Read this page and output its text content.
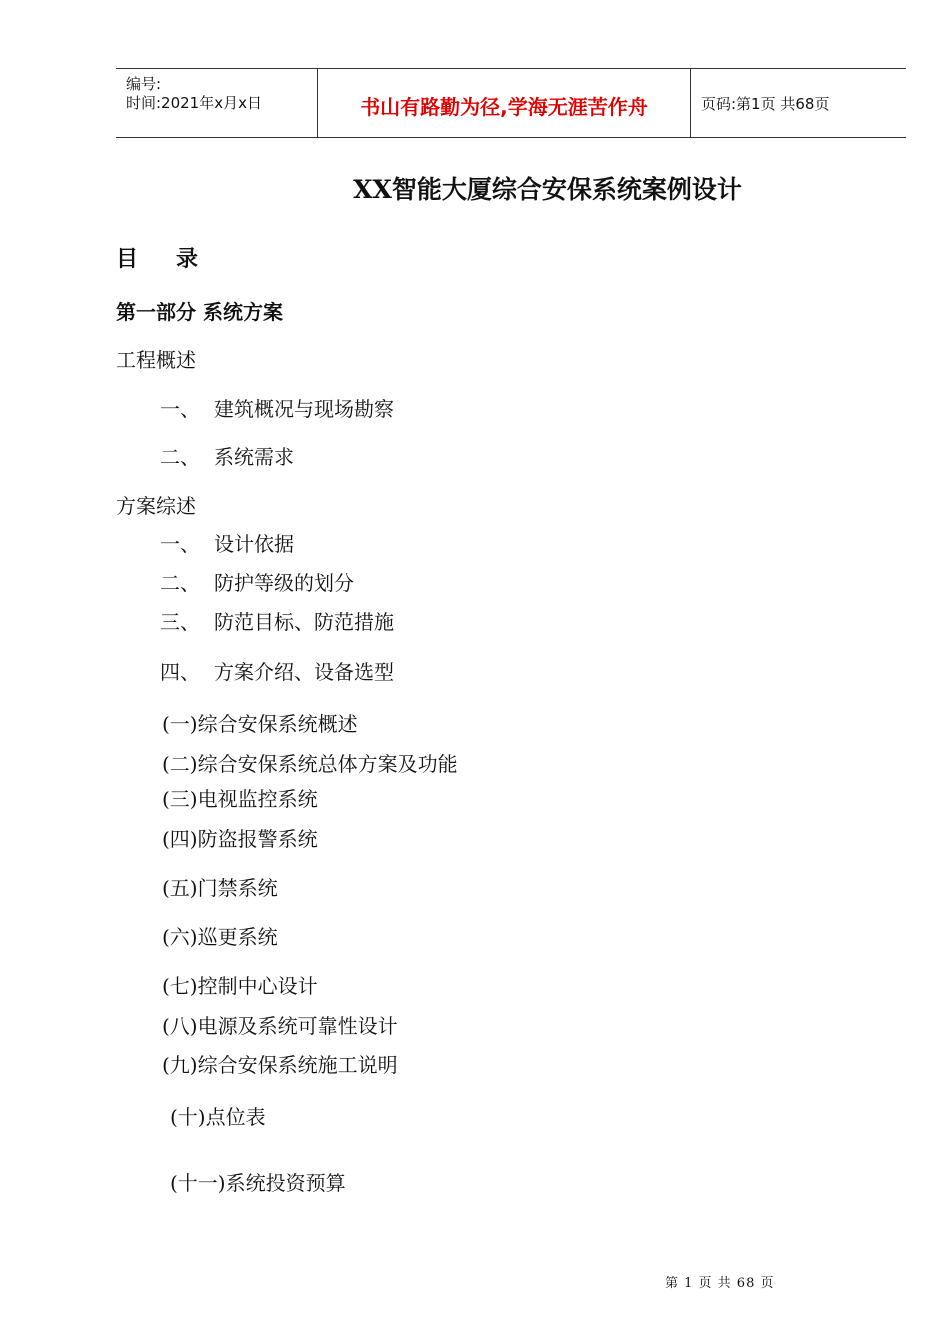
编号:
时间:2021年x月x日	书山有路勤为径,学海无涯苦作舟	页码:第1页 共68页
XX智能大厦综合安保系统案例设计
目录
第一部分 系统方案
工程概述
一、 建筑概况与现场勘察
二、 系统需求
方案综述
一、 设计依据
二、 防护等级的划分
三、 防范目标、防范措施
四、 方案介绍、设备选型
(一)综合安保系统概述
(二)综合安保系统总体方案及功能
(三)电视监控系统
(四)防盗报警系统
(五)门禁系统
(六)巡更系统
(七)控制中心设计
(八)电源及系统可靠性设计
(九)综合安保系统施工说明
(十)点位表
(十一)系统投资预算
第 1 页 共 68 页
